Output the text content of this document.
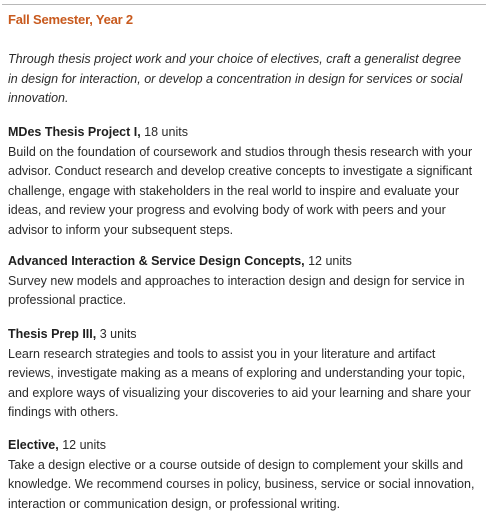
Fall Semester, Year 2

Through thesis project work and your choice of electives, craft a generalist degree in design for interaction, or develop a concentration in design for services or social innovation.

MDes Thesis Project I, 18 units

Build on the foundation of coursework and studios through thesis research with your advisor. Conduct research and develop creative concepts to investigate a significant challenge, engage with stakeholders in the real world to inspire and evaluate your ideas, and review your progress and evolving body of work with peers and your advisor to inform your subsequent steps.

Advanced Interaction & Service Design Concepts, 12 units

Survey new models and approaches to interaction design and design for service in professional practice.

Thesis Prep III, 3 units

Learn research strategies and tools to assist you in your literature and artifact reviews, investigate making as a means of exploring and understanding your topic, and explore ways of visualizing your discoveries to aid your learning and share your findings with others.

Elective, 12 units

Take a design elective or a course outside of design to complement your skills and knowledge. We recommend courses in policy, business, service or social innovation, interaction or communication design, or professional writing.
